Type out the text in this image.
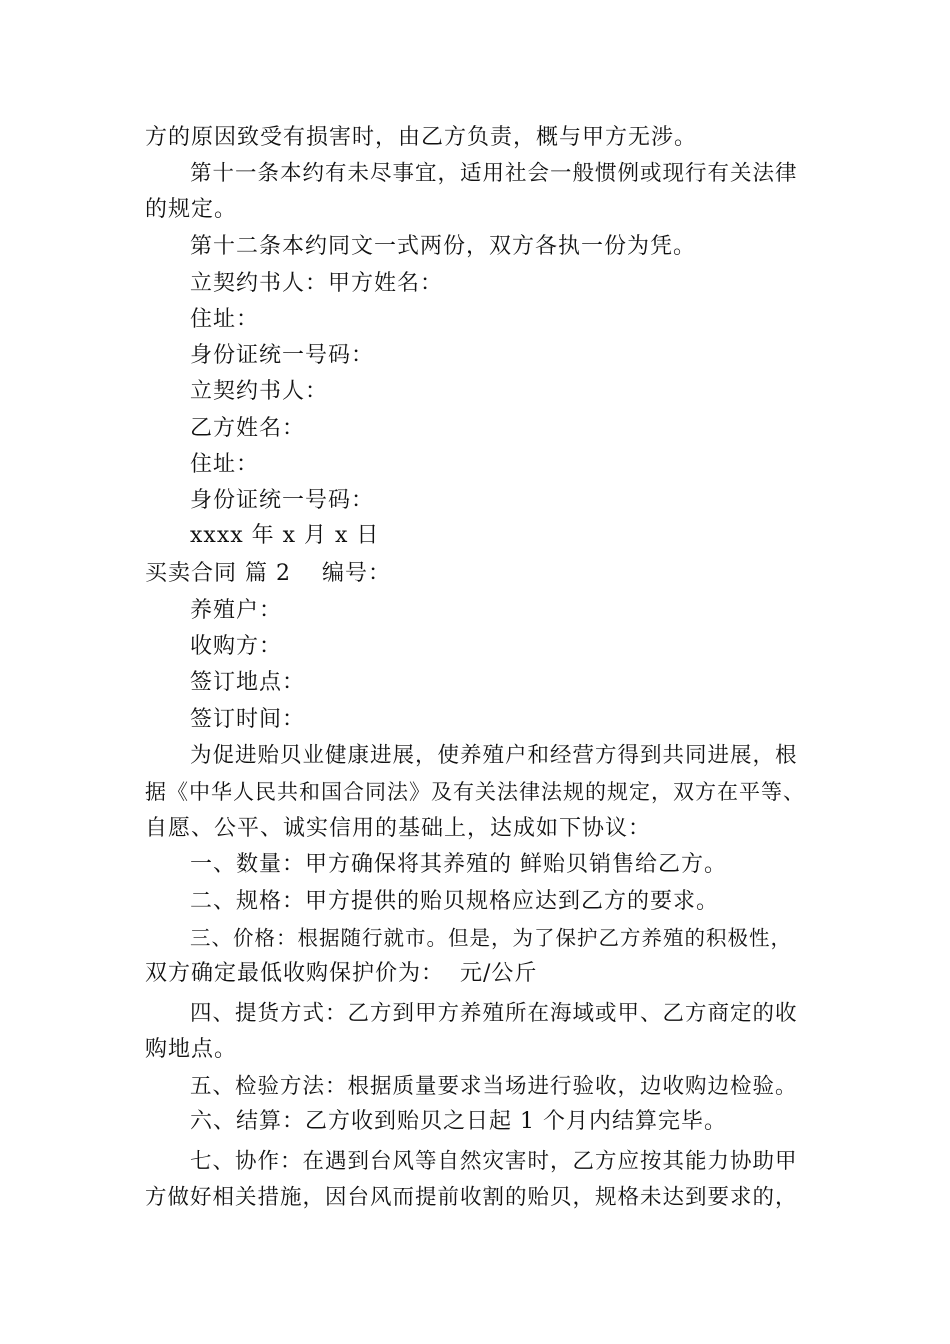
方的原因致受有损害时，由乙方负责，概与甲方无涉。
第十一条本约有未尽事宜，适用社会一般惯例或现行有关法律
的规定。
第十二条本约同文一式两份，双方各执一份为凭。
立契约书人：甲方姓名：
住址：
身份证统一号码：
立契约书人：
乙方姓名：
住址：
身份证统一号码：
xxxx 年 x 月 x 日
买卖合同 篇 2 编号：
养殖户：
收购方：
签订地点：
签订时间：
为促进贻贝业健康进展，使养殖户和经营方得到共同进展，根
据《中华人民共和国合同法》及有关法律法规的规定，双方在平等、
自愿、公平、诚实信用的基础上，达成如下协议：
一、数量：甲方确保将其养殖的 鲜贻贝销售给乙方。
二、规格：甲方提供的贻贝规格应达到乙方的要求。
三、价格：根据随行就市。但是，为了保护乙方养殖的积极性，
双方确定最低收购保护价为：  元/公斤
四、提货方式：乙方到甲方养殖所在海域或甲、乙方商定的收
购地点。
五、检验方法：根据质量要求当场进行验收，边收购边检验。
六、结算：乙方收到贻贝之日起 1 个月内结算完毕。
七、协作：在遇到台风等自然灾害时，乙方应按其能力协助甲
方做好相关措施，因台风而提前收割的贻贝，规格未达到要求的，
